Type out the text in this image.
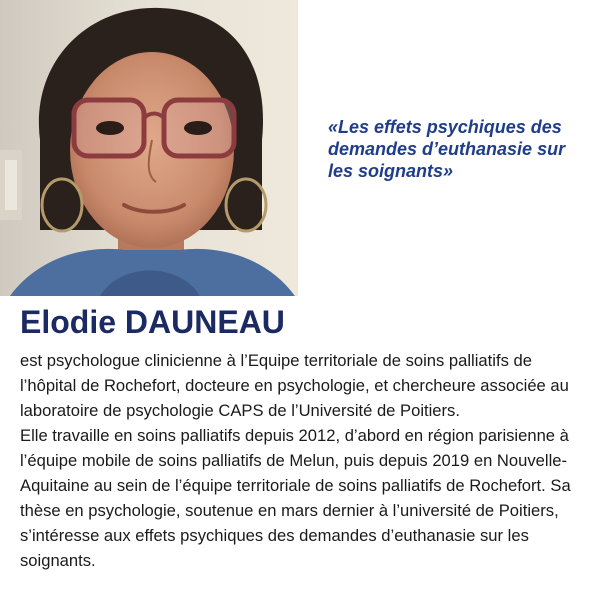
«Les effets psychiques des
demandes d’euthanasie sur
les soignants»
Elodie DAUNEAU

est psychologue clinicienne à l’Equipe territoriale de soins palliatifs de
l’hôpital de Rochefort, docteure en psychologie, et chercheure associée au
laboratoire de psychologie CAPS de l’Université de Poitiers.

Elle travaille en soins palliatifs depuis 2012, d’abord en région parisienne à
l’équipe mobile de soins palliatifs de Melun, puis depuis 2019 en Nouvelle-
Aquitaine au sein de l’équipe territoriale de soins palliatifs de Rochefort. Sa
thèse en psychologie, soutenue en mars dernier à l’université de Poitiers,
s’intéresse aux effets psychiques des demandes d’euthanasie sur les
soignants.
